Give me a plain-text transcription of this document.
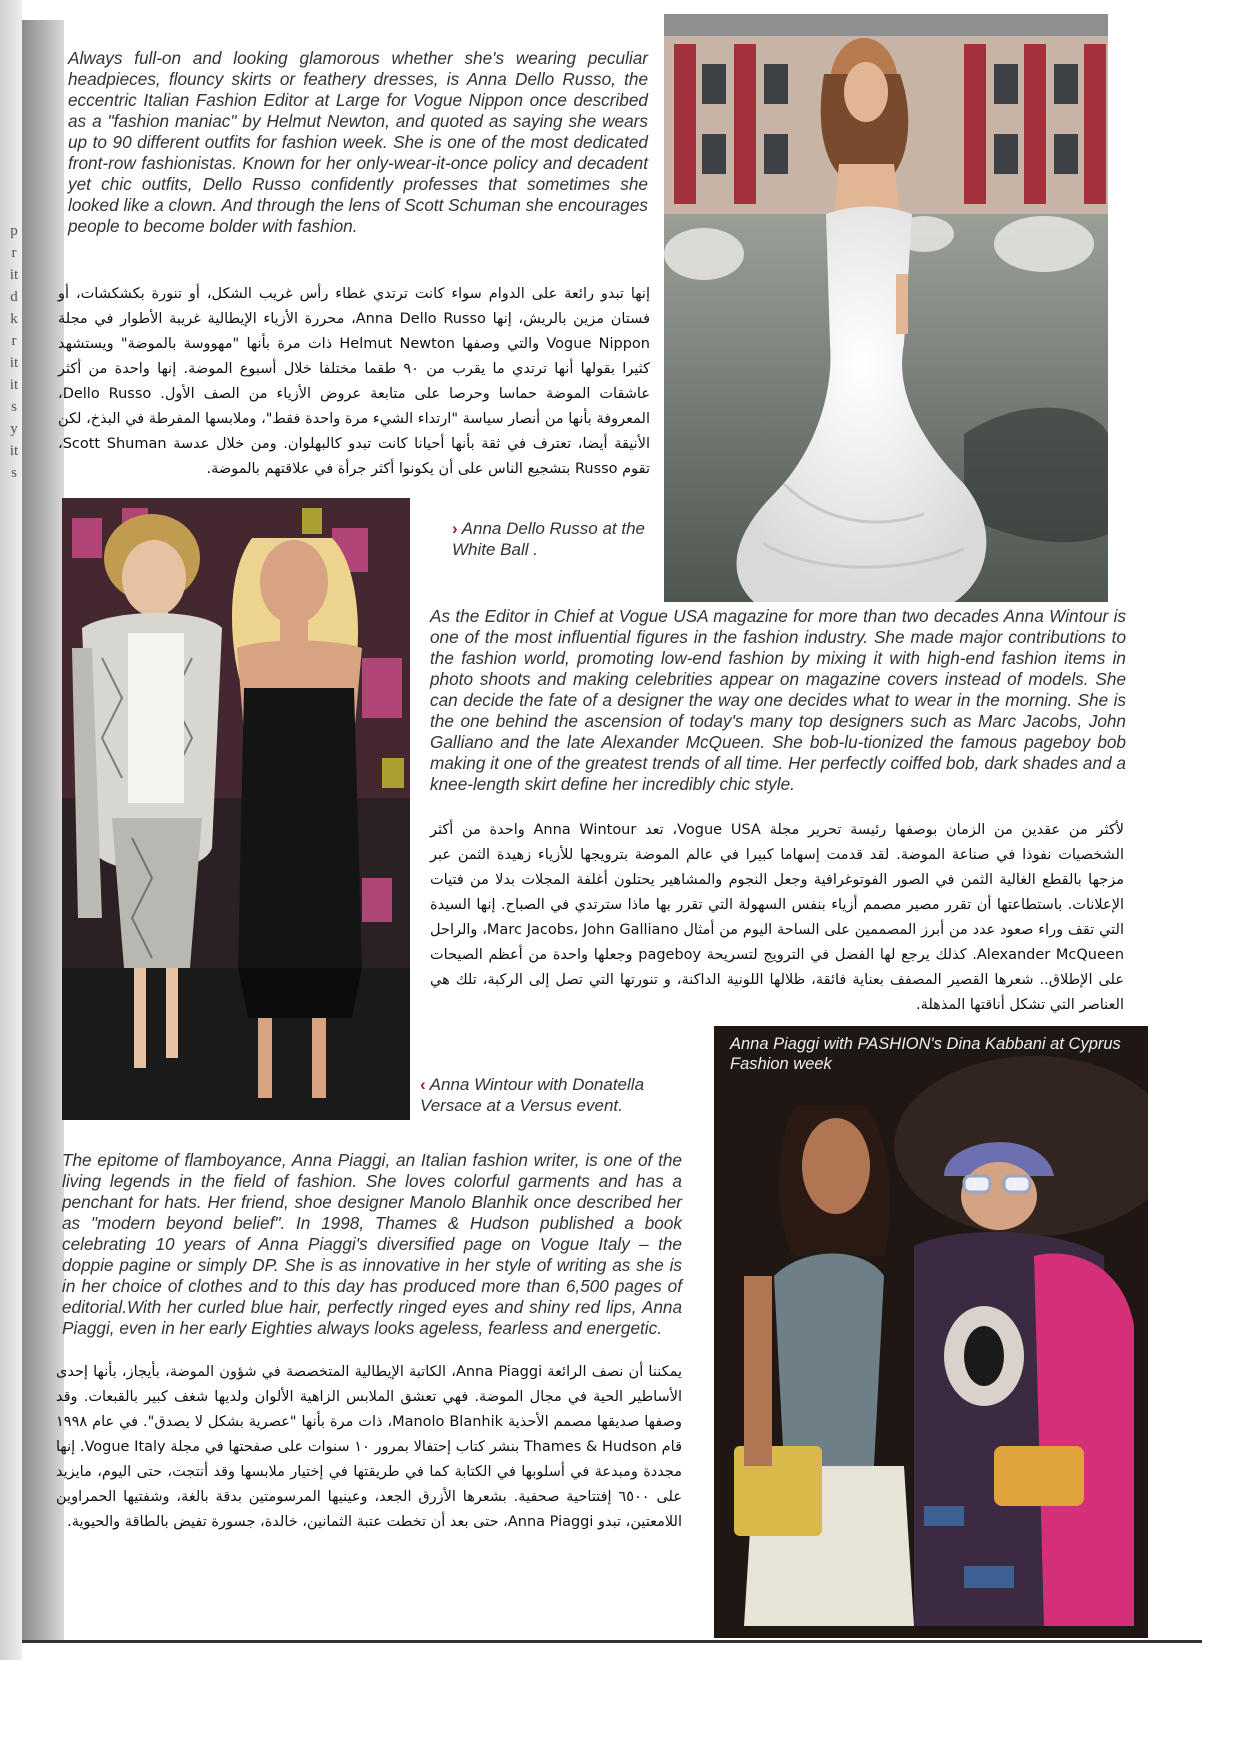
p
r
it
d
k
r
it
it
s
y
it
s

Always full-on and looking glamorous whether she's wearing peculiar headpieces, flouncy skirts or feathery dresses, is Anna Dello Russo, the eccentric Italian Fashion Editor at Large for Vogue Nippon once described as a "fashion maniac" by Helmut Newton, and quoted as saying she wears up to 90 different outfits for fashion week. She is one of the most dedicated front-row fashionistas. Known for her only-wear-it-once policy and decadent yet chic outfits, Dello Russo confidently professes that sometimes she looked like a clown. And through the lens of Scott Schuman she encourages people to become bolder with fashion.

إنها تبدو رائعة على الدوام سواء كانت ترتدي غطاء رأس غريب الشكل، أو تنورة بكشكشات، أو فستان مزين بالريش، إنها Anna Dello Russo، محررة الأزياء الإيطالية غريبة الأطوار في مجلة Vogue Nippon والتي وصفها Helmut Newton ذات مرة بأنها "مهووسة بالموضة" ويستشهد كثيرا بقولها أنها ترتدي ما يقرب من ٩٠ طقما مختلفا خلال أسبوع الموضة. إنها واحدة من أكثر عاشقات الموضة حماسا وحرصا على متابعة عروض الأزياء من الصف الأول. Dello Russo، المعروفة بأنها من أنصار سياسة "ارتداء الشيء مرة واحدة فقط"، وملابسها المفرطة في البذخ، لكن الأنيقة أيضا، تعترف في ثقة بأنها أحيانا كانت تبدو كالبهلوان. ومن خلال عدسة Scott Shuman، تقوم Russo بتشجيع الناس على أن يكونوا أكثر جرأة في علاقتهم بالموضة.

› Anna Dello Russo at the White Ball .

‹ Anna Wintour with Donatella Versace at a Versus event.

As the Editor in Chief at Vogue USA magazine for more than two decades Anna Wintour is one of the most influential figures in the fashion industry. She made major contributions to the fashion world, promoting low-end fashion by mixing it with high-end fashion items in photo shoots and making celebrities appear on magazine covers instead of models. She can decide the fate of a designer the way one decides what to wear in the morning. She is the one behind the ascension of today's many top designers such as Marc Jacobs, John Galliano and the late Alexander McQueen. She bob-lu-tionized the famous pageboy bob making it one of the greatest trends of all time. Her perfectly coiffed bob, dark shades and a knee-length skirt define her incredibly chic style.

لأكثر من عقدين من الزمان بوصفها رئيسة تحرير مجلة Vogue USA، تعد Anna Wintour واحدة من أكثر الشخصيات نفوذا في صناعة الموضة. لقد قدمت إسهاما كبيرا في عالم الموضة بترويجها للأزياء زهيدة الثمن عبر مزجها بالقطع الغالية الثمن في الصور الفوتوغرافية وجعل النجوم والمشاهير يحتلون أغلفة المجلات بدلا من فتيات الإعلانات. باستطاعتها أن تقرر مصير مصمم أزياء بنفس السهولة التي تقرر بها ماذا سترتدي في الصباح. إنها السيدة التي تقف وراء صعود عدد من أبرز المصممين على الساحة اليوم من أمثال Marc Jacobs، John Galliano، والراحل Alexander McQueen. كذلك يرجع لها الفضل في الترويج لتسريحة pageboy وجعلها واحدة من أعظم الصيحات على الإطلاق.. شعرها القصير المصفف بعناية فائقة، ظلالها اللونية الداكنة، و تنورتها التي تصل إلى الركبة، تلك هي العناصر التي تشكل أناقتها المذهلة.

The epitome of flamboyance, Anna Piaggi, an Italian fashion writer, is one of the living legends in the field of fashion. She loves colorful garments and has a penchant for hats. Her friend, shoe designer Manolo Blanhik once described her as "modern beyond belief". In 1998, Thames & Hudson published a book celebrating 10 years of Anna Piaggi's diversified page on Vogue Italy – the doppie pagine or simply DP. She is as innovative in her style of writing as she is in her choice of clothes and to this day has produced more than 6,500 pages of editorial.With her curled blue hair, perfectly ringed eyes and shiny red lips, Anna Piaggi, even in her early Eighties always looks ageless, fearless and energetic.

يمكننا أن نصف الرائعة Anna Piaggi، الكاتبة الإيطالية المتخصصة في شؤون الموضة، بأيجاز، بأنها إحدى الأساطير الحية في مجال الموضة. فهي تعشق الملابس الزاهية الألوان ولديها شغف كبير بالقبعات. وقد وصفها صديقها مصمم الأحذية Manolo Blanhik، ذات مرة بأنها "عصرية بشكل لا يصدق". في عام ١٩٩٨ قام Thames & Hudson بنشر كتاب إحتفالا بمرور ١٠ سنوات على صفحتها في مجلة Vogue Italy. إنها مجددة ومبدعة في أسلوبها في الكتابة كما في طريقتها في إختيار ملابسها وقد أنتجت، حتى اليوم، مايزيد على ٦٥٠٠ إفتتاحية صحفية. بشعرها الأزرق الجعد، وعينيها المرسومتين بدقة بالغة، وشفتيها الحمراوين اللامعتين، تبدو Anna Piaggi، حتى بعد أن تخطت عتبة الثمانين، خالدة، جسورة تفيض بالطاقة والحيوية.

Anna Piaggi with PASHION's Dina Kabbani at Cyprus Fashion week
